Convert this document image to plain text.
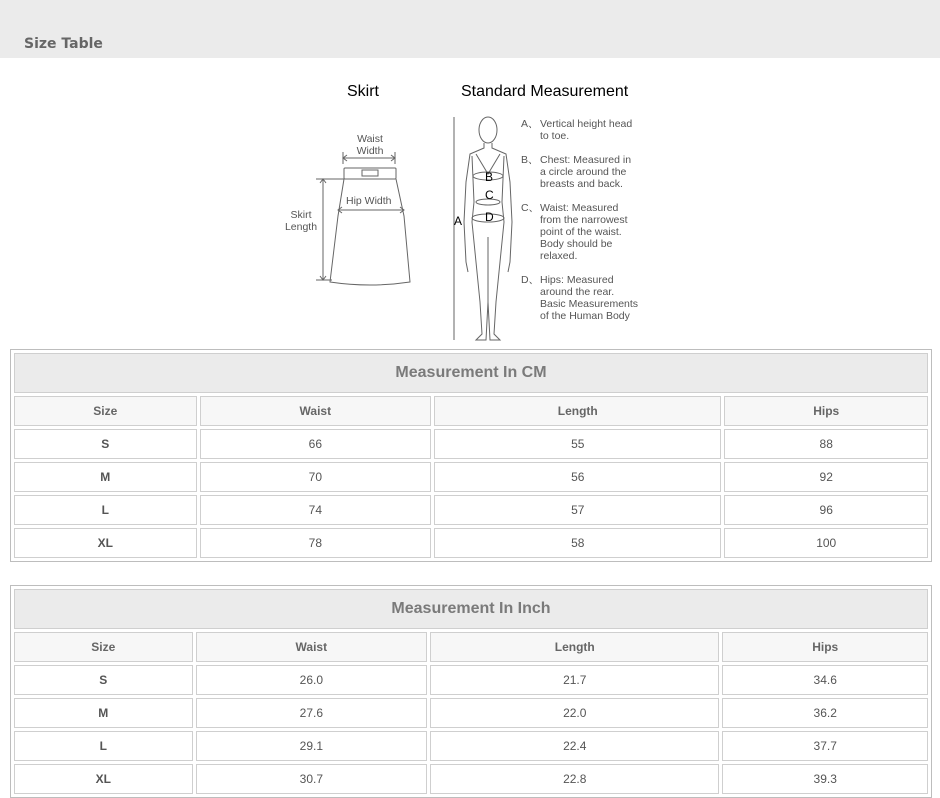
Size Table
Skirt	Standard Measurement
Waist
Width
Hip Width
Skirt
Length	A
B
C
D
A、 Vertical height head
to toe.
B、 Chest: Measured in
a circle around the
breasts and back.
C、 Waist: Measured
from the narrowest
point of the waist.
Body should be
relaxed.
D、 Hips: Measured
around the rear.
Basic Measurements
of the Human Body
Measurement In CM			
Size	Waist	Length	Hips
S	66	55	88
M	70	56	92
L	74	57	96
XL	78	58	100
Measurement In Inch			
Size	Waist	Length	Hips
S	26.0	21.7	34.6
M	27.6	22.0	36.2
L	29.1	22.4	37.7
XL	30.7	22.8	39.3
